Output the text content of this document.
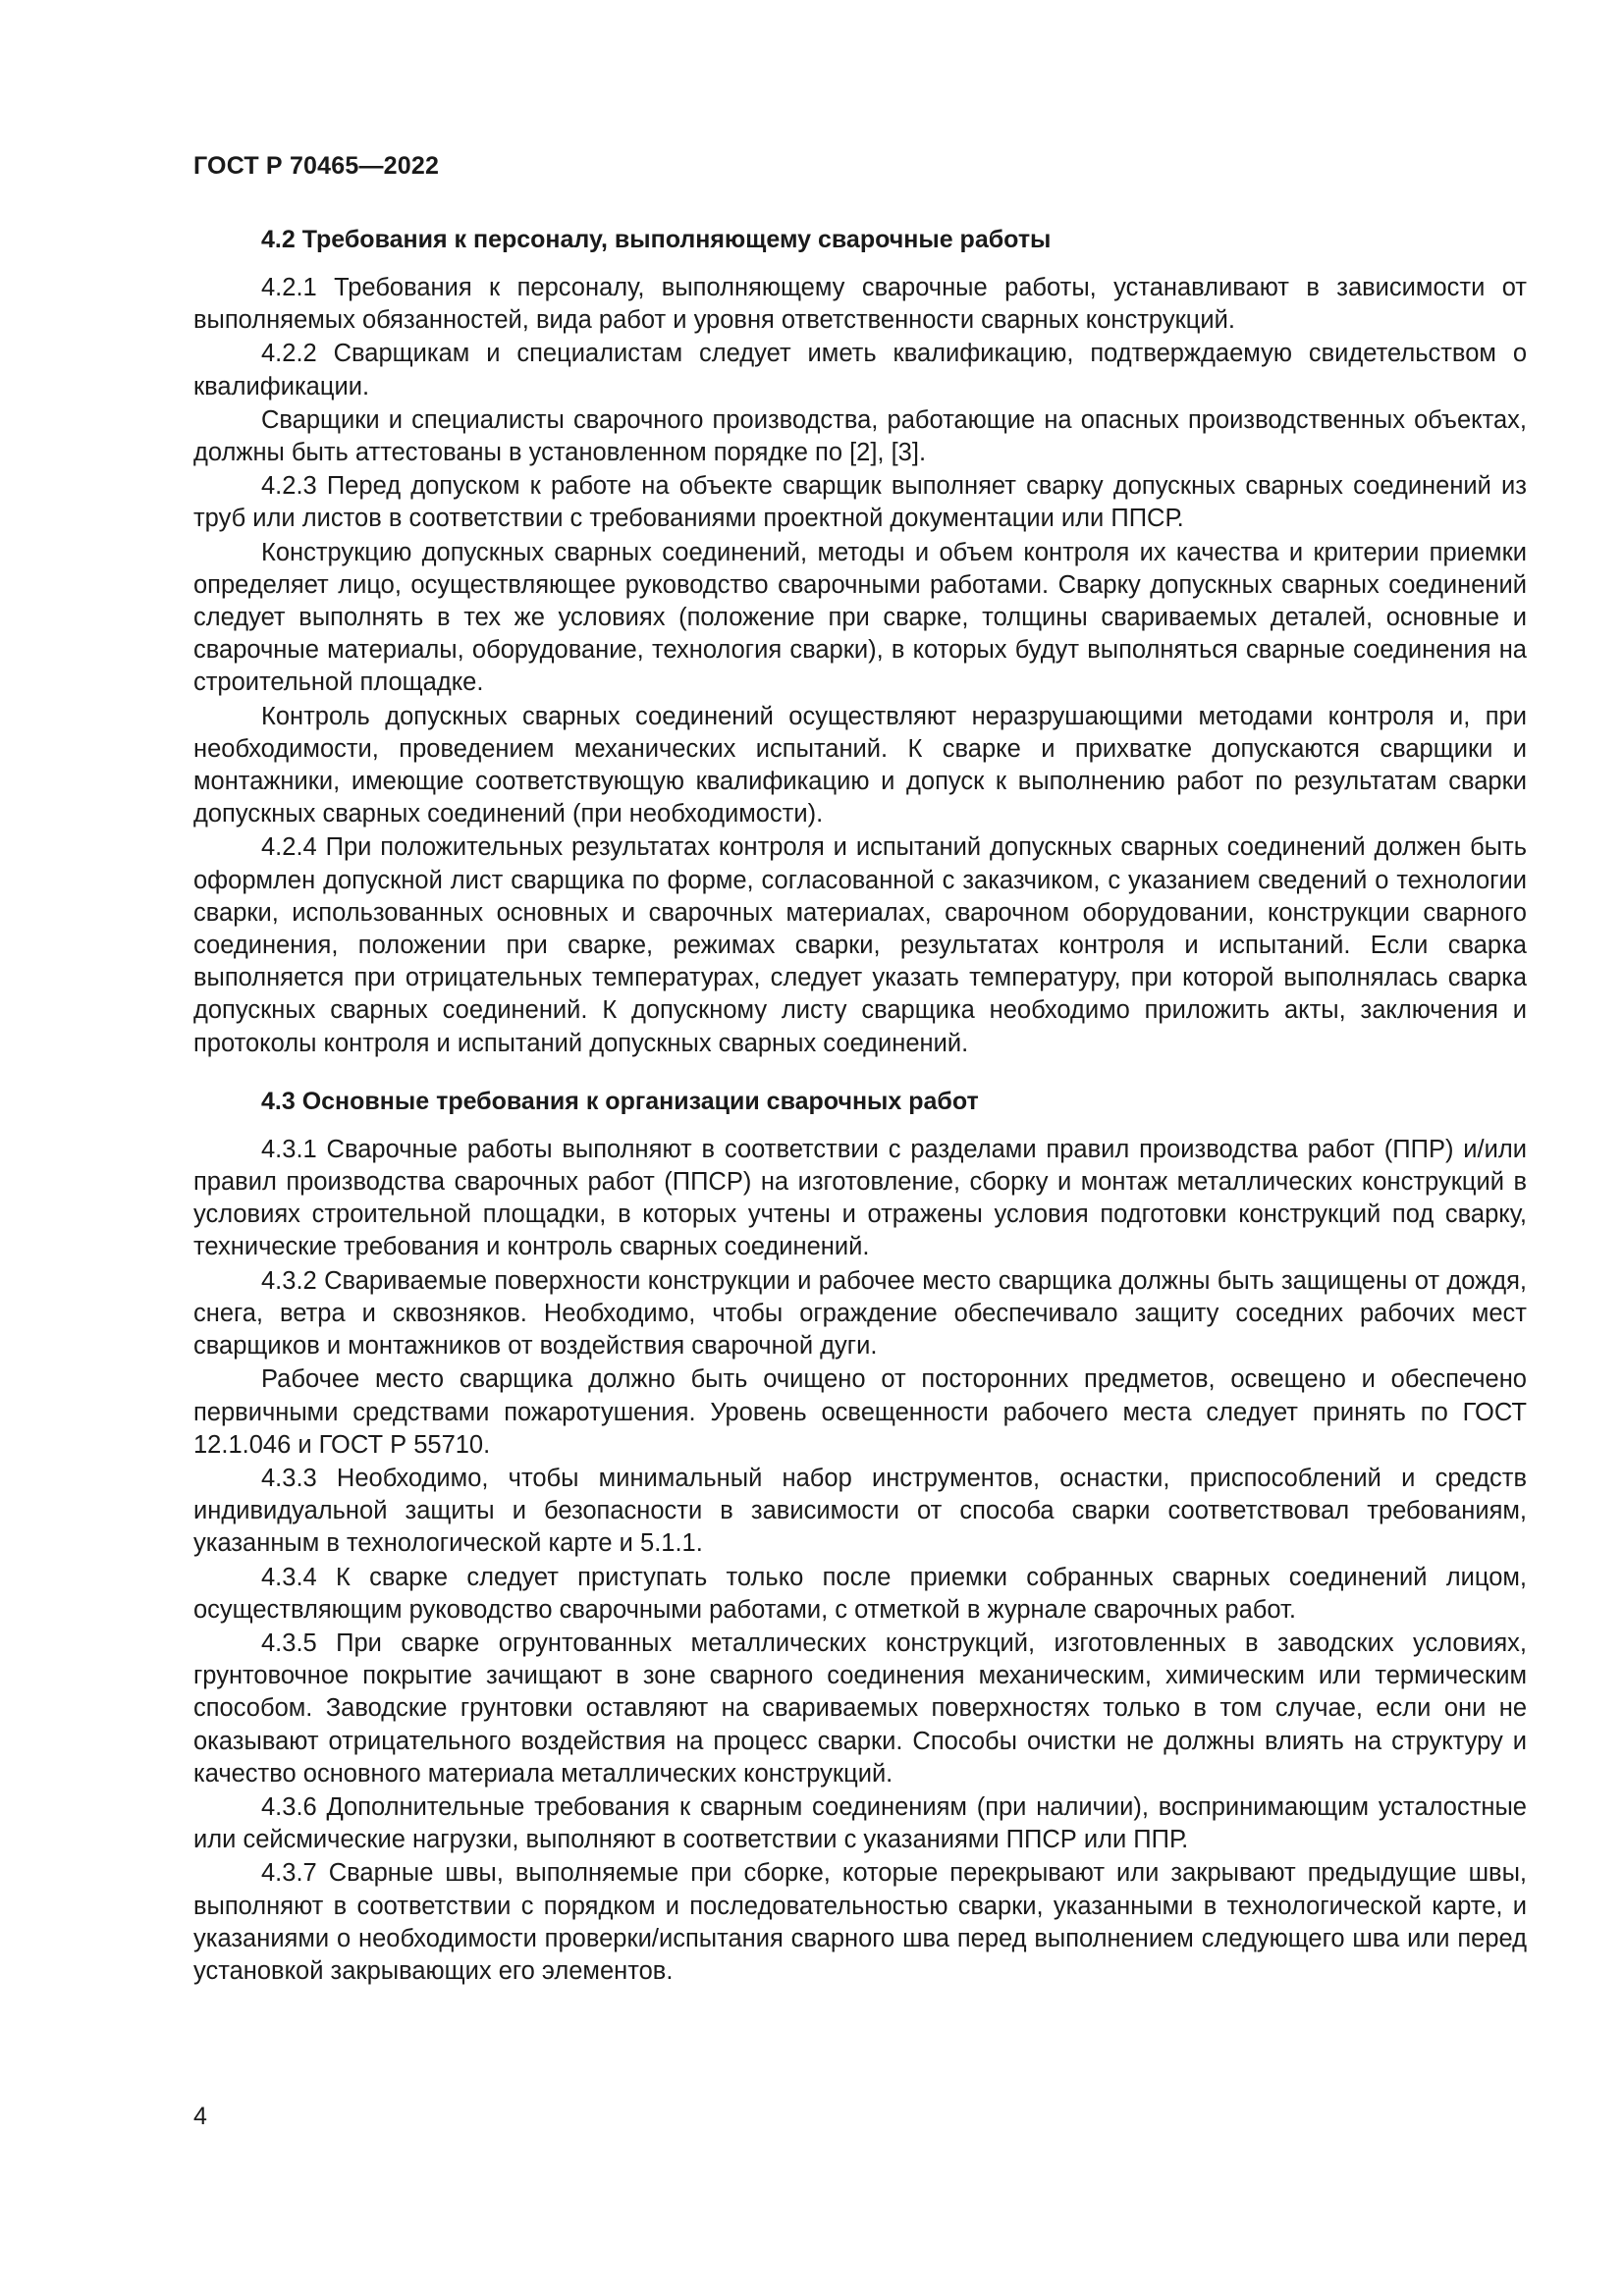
ГОСТ Р 70465—2022
4.2 Требования к персоналу, выполняющему сварочные работы

4.2.1 Требования к персоналу, выполняющему сварочные работы, устанавливают в зависимости от выполняемых обязанностей, вида работ и уровня ответственности сварных конструкций.

4.2.2 Сварщикам и специалистам следует иметь квалификацию, подтверждаемую свидетельством о квалификации.

Сварщики и специалисты сварочного производства, работающие на опасных производственных объектах, должны быть аттестованы в установленном порядке по [2], [3].

4.2.3 Перед допуском к работе на объекте сварщик выполняет сварку допускных сварных соединений из труб или листов в соответствии с требованиями проектной документации или ППСР.

Конструкцию допускных сварных соединений, методы и объем контроля их качества и критерии приемки определяет лицо, осуществляющее руководство сварочными работами. Сварку допускных сварных соединений следует выполнять в тех же условиях (положение при сварке, толщины свариваемых деталей, основные и сварочные материалы, оборудование, технология сварки), в которых будут выполняться сварные соединения на строительной площадке.

Контроль допускных сварных соединений осуществляют неразрушающими методами контроля и, при необходимости, проведением механических испытаний. К сварке и прихватке допускаются сварщики и монтажники, имеющие соответствующую квалификацию и допуск к выполнению работ по результатам сварки допускных сварных соединений (при необходимости).

4.2.4 При положительных результатах контроля и испытаний допускных сварных соединений должен быть оформлен допускной лист сварщика по форме, согласованной с заказчиком, с указанием сведений о технологии сварки, использованных основных и сварочных материалах, сварочном оборудовании, конструкции сварного соединения, положении при сварке, режимах сварки, результатах контроля и испытаний. Если сварка выполняется при отрицательных температурах, следует указать температуру, при которой выполнялась сварка допускных сварных соединений. К допускному листу сварщика необходимо приложить акты, заключения и протоколы контроля и испытаний допускных сварных соединений.

4.3 Основные требования к организации сварочных работ

4.3.1 Сварочные работы выполняют в соответствии с разделами правил производства работ (ППР) и/или правил производства сварочных работ (ППСР) на изготовление, сборку и монтаж металлических конструкций в условиях строительной площадки, в которых учтены и отражены условия подготовки конструкций под сварку, технические требования и контроль сварных соединений.

4.3.2 Свариваемые поверхности конструкции и рабочее место сварщика должны быть защищены от дождя, снега, ветра и сквозняков. Необходимо, чтобы ограждение обеспечивало защиту соседних рабочих мест сварщиков и монтажников от воздействия сварочной дуги.

Рабочее место сварщика должно быть очищено от посторонних предметов, освещено и обеспечено первичными средствами пожаротушения. Уровень освещенности рабочего места следует принять по ГОСТ 12.1.046 и ГОСТ Р 55710.

4.3.3 Необходимо, чтобы минимальный набор инструментов, оснастки, приспособлений и средств индивидуальной защиты и безопасности в зависимости от способа сварки соответствовал требованиям, указанным в технологической карте и 5.1.1.

4.3.4 К сварке следует приступать только после приемки собранных сварных соединений лицом, осуществляющим руководство сварочными работами, с отметкой в журнале сварочных работ.

4.3.5 При сварке огрунтованных металлических конструкций, изготовленных в заводских условиях, грунтовочное покрытие зачищают в зоне сварного соединения механическим, химическим или термическим способом. Заводские грунтовки оставляют на свариваемых поверхностях только в том случае, если они не оказывают отрицательного воздействия на процесс сварки. Способы очистки не должны влиять на структуру и качество основного материала металлических конструкций.

4.3.6 Дополнительные требования к сварным соединениям (при наличии), воспринимающим усталостные или сейсмические нагрузки, выполняют в соответствии с указаниями ППСР или ППР.

4.3.7 Сварные швы, выполняемые при сборке, которые перекрывают или закрывают предыдущие швы, выполняют в соответствии с порядком и последовательностью сварки, указанными в технологической карте, и указаниями о необходимости проверки/испытания сварного шва перед выполнением следующего шва или перед установкой закрывающих его элементов.

4
